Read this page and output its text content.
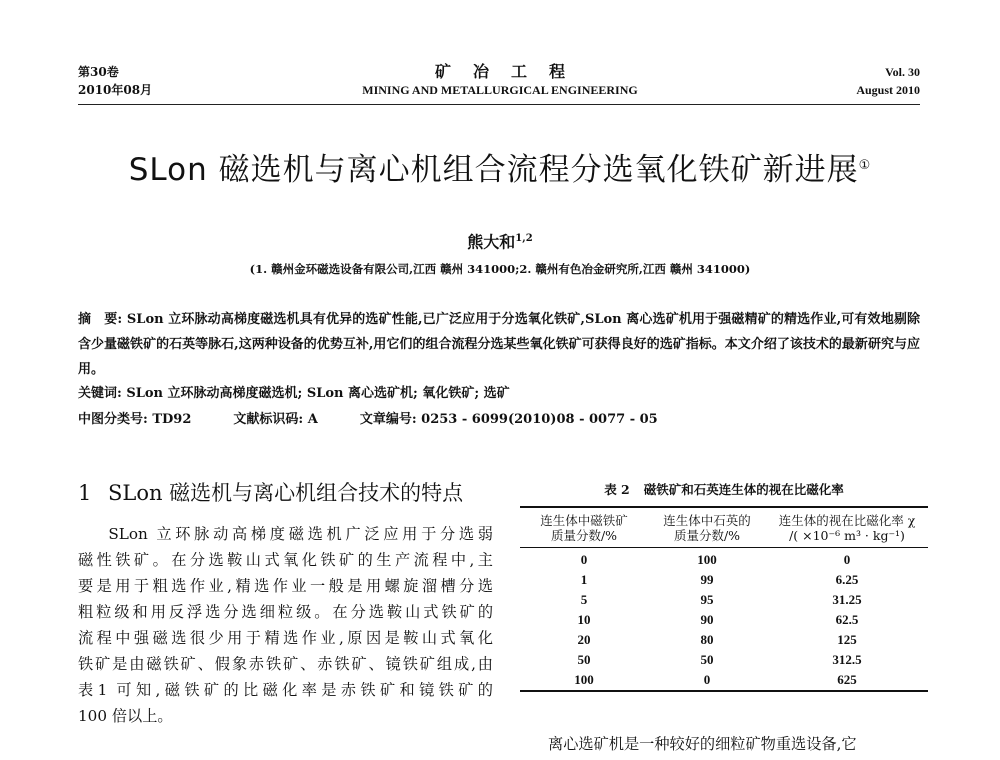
第30卷
2010年08月
矿冶工程
MINING AND METALLURGICAL ENGINEERING
Vol. 30
August 2010
SLon 磁选机与离心机组合流程分选氧化铁矿新进展①
熊大和$^{1,2}$
(1. 赣州金环磁选设备有限公司,江西 赣州 341000;2. 赣州有色冶金研究所,江西 赣州 341000)
摘　要: SLon 立环脉动高梯度磁选机具有优异的选矿性能,已广泛应用于分选氧化铁矿,SLon 离心选矿机用于强磁精矿的精选作业,可有效地剔除含少量磁铁矿的石英等脉石,这两种设备的优势互补,用它们的组合流程分选某些氧化铁矿可获得良好的选矿指标。本文介绍了该技术的最新研究与应用。
关键词: SLon 立环脉动高梯度磁选机; SLon 离心选矿机; 氧化铁矿; 选矿
中图分类号: TD92	文献标识码: A	文章编号: 0253 - 6099(2010)08 - 0077 - 05
1 SLon 磁选机与离心机组合技术的特点

SLon 立环脉动高梯度磁选机广泛应用于分选弱

磁性铁矿。在分选鞍山式氧化铁矿的生产流程中,主

要是用于粗选作业,精选作业一般是用螺旋溜槽分选

粗粒级和用反浮选分选细粒级。在分选鞍山式铁矿的

流程中强磁选很少用于精选作业,原因是鞍山式氧化

铁矿是由磁铁矿、假象赤铁矿、赤铁矿、镜铁矿组成,由

表1 可知,磁铁矿的比磁化率是赤铁矿和镜铁矿的

100 倍以上。

表 2 磁铁矿和石英连生体的视在比磁化率
连生体中磁铁矿
质量分数/%

连生体中石英的
质量分数/%

连生体的视在比磁化率 χ
/( ×10⁻⁶ m³ · kg⁻¹)

0	100	0
1	99	6.25
5	95	31.25
10	90	62.5
20	80	125
50	50	312.5
100	0	625
离心选矿机是一种较好的细粒矿物重选设备,它
